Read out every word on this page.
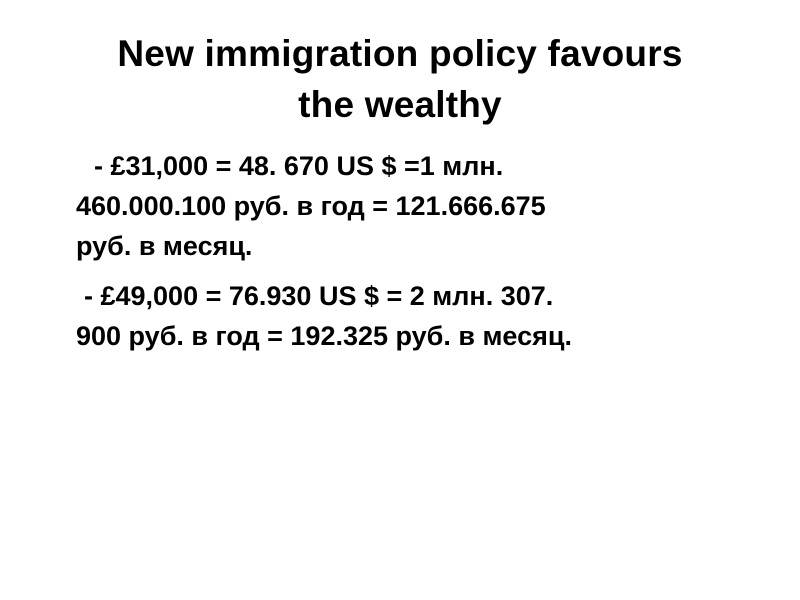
New immigration policy favours
the wealthy
- £31,000 = 48. 670 US $ =1 млн.
460.000.100 руб. в год = 121.666.675
руб. в месяц.
- £49,000 = 76.930 US $ = 2 млн. 307.
900 руб. в год = 192.325 руб. в месяц.
